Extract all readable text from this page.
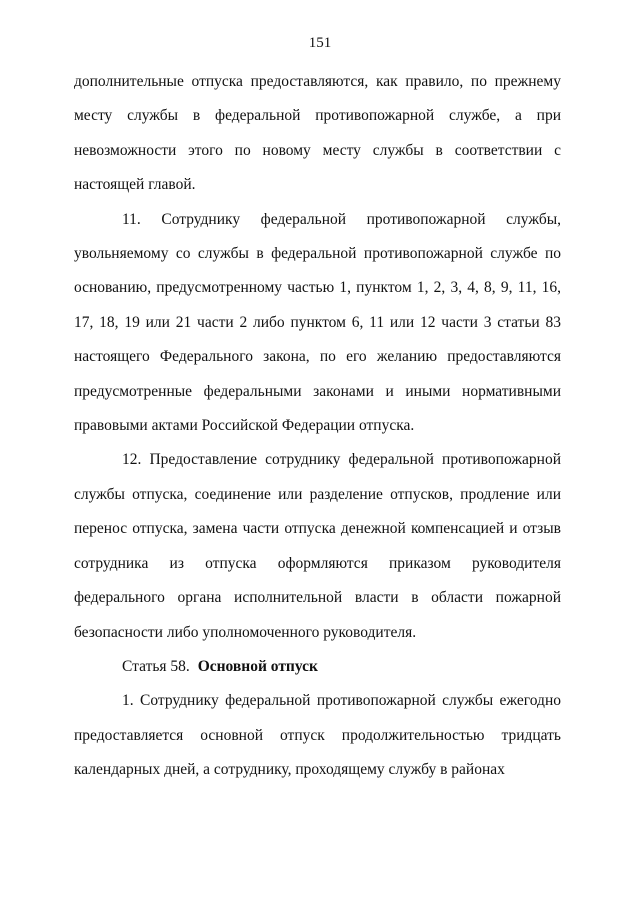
151

дополнительные отпуска предоставляются, как правило, по прежнему месту службы в федеральной противопожарной службе, а при невозможности этого по новому месту службы в соответствии с настоящей главой.

11. Сотруднику федеральной противопожарной службы, увольняемому со службы в федеральной противопожарной службе по основанию, предусмотренному частью 1, пунктом 1, 2, 3, 4, 8, 9, 11, 16, 17, 18, 19 или 21 части 2 либо пунктом 6, 11 или 12 части 3 статьи 83 настоящего Федерального закона, по его желанию предоставляются предусмотренные федеральными законами и иными нормативными правовыми актами Российской Федерации отпуска.

12. Предоставление сотруднику федеральной противопожарной службы отпуска, соединение или разделение отпусков, продление или перенос отпуска, замена части отпуска денежной компенсацией и отзыв сотрудника из отпуска оформляются приказом руководителя федерального органа исполнительной власти в области пожарной безопасности либо уполномоченного руководителя.

Статья 58. Основной отпуск

1. Сотруднику федеральной противопожарной службы ежегодно предоставляется основной отпуск продолжительностью тридцать календарных дней, а сотруднику, проходящему службу в районах
